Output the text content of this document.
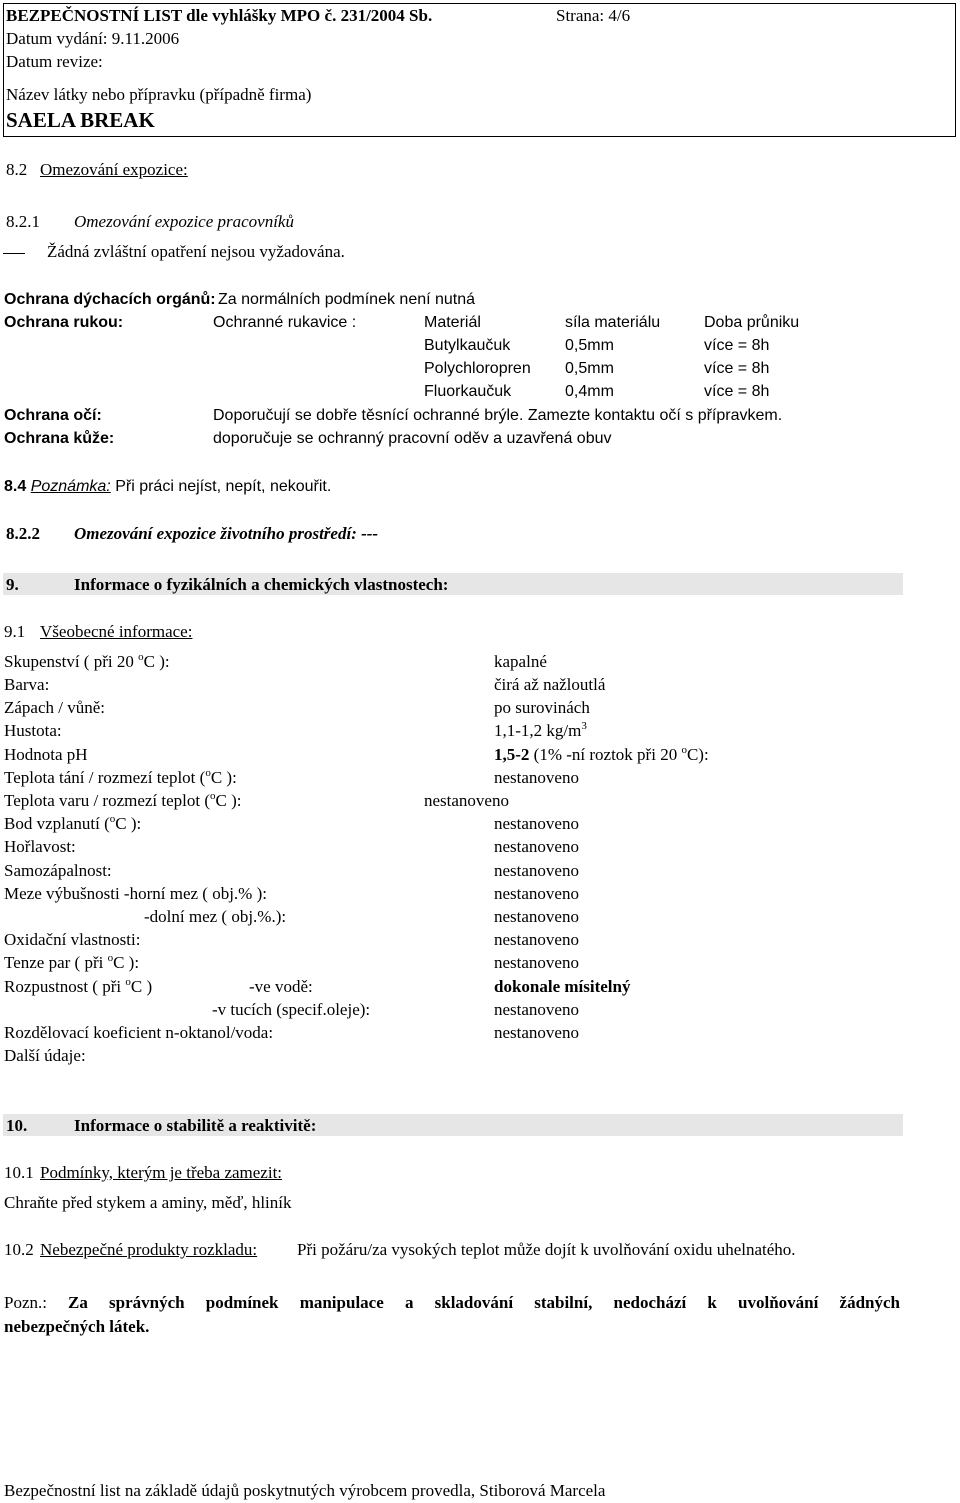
BEZPEČNOSTNÍ LIST dle vyhlášky MPO č. 231/2004 Sb.	Strana: 4/6
Datum vydání: 9.11.2006
Datum revize:
Název látky nebo přípravku (případně firma)
SAELA BREAK
8.2 Omezování expozice:
8.2.1 Omezování expozice pracovníků
Žádná zvláštní opatření nejsou vyžadována.
Ochrana dýchacích orgánů: Za normálních podmínek není nutná
Ochrana rukou:	Ochranné rukavice :	Materiál	síla materiálu	Doba průniku
Butylkaučuk	0,5mm	více = 8h
Polychloropren 0,5mm	více = 8h
Fluorkaučuk	0,4mm	více = 8h
Ochrana očí:	Doporučují se dobře těsnící ochranné brýle. Zamezte kontaktu očí s přípravkem.
Ochrana kůže:	doporučuje se ochranný pracovní oděv a uzavřená obuv
8.4 Poznámka: Při práci nejíst, nepít, nekouřit.
8.2.2 Omezování expozice životního prostředí: ---
9.	Informace o fyzikálních a chemických vlastnostech:
9.1 Všeobecné informace:
Skupenství ( při 20 $^o$C ):	kapalné
Barva:	čirá až nažloutlá
Zápach / vůně:	po surovinách
Hustota:	1,1-1,2 $kg/m^3$
Hodnota pH	1,5-2 (1% -ní roztok při 20 $^o$C):
Teplota tání / rozmezí teplot ($^o$C ):	nestanoveno
Teplota varu / rozmezí teplot ($^o$C ):	nestanoveno
Bod vzplanutí ($^o$C ):	nestanoveno
Hořlavost:	nestanoveno
Samozápalnost:	nestanoveno
Meze výbušnosti -horní mez ( obj.% ):	nestanoveno
-dolní mez ( obj.%.):	nestanoveno
Oxidační vlastnosti:	nestanoveno
Tenze par ( při $^o$C ):	nestanoveno
Rozpustnost ( při $^o$C )	-ve vodě:	dokonale mísitelný
-v tucích (specif.oleje):	nestanoveno
Rozdělovací koeficient n-oktanol/voda:	nestanoveno
Další údaje:
10.	Informace o stabilitě a reaktivitě:
10.1 Podmínky, kterým je třeba zamezit:
Chraňte před stykem a aminy, měď, hliník
10.2 Nebezpečné produkty rozkladu: Při požáru/za vysokých teplot může dojít k uvolňování oxidu uhelnatého.
Pozn.: Za správných podmínek manipulace a skladování stabilní, nedochází k uvolňování žádných
nebezpečných látek.
Bezpečnostní list na základě údajů poskytnutých výrobcem provedla, Stiborová Marcela
